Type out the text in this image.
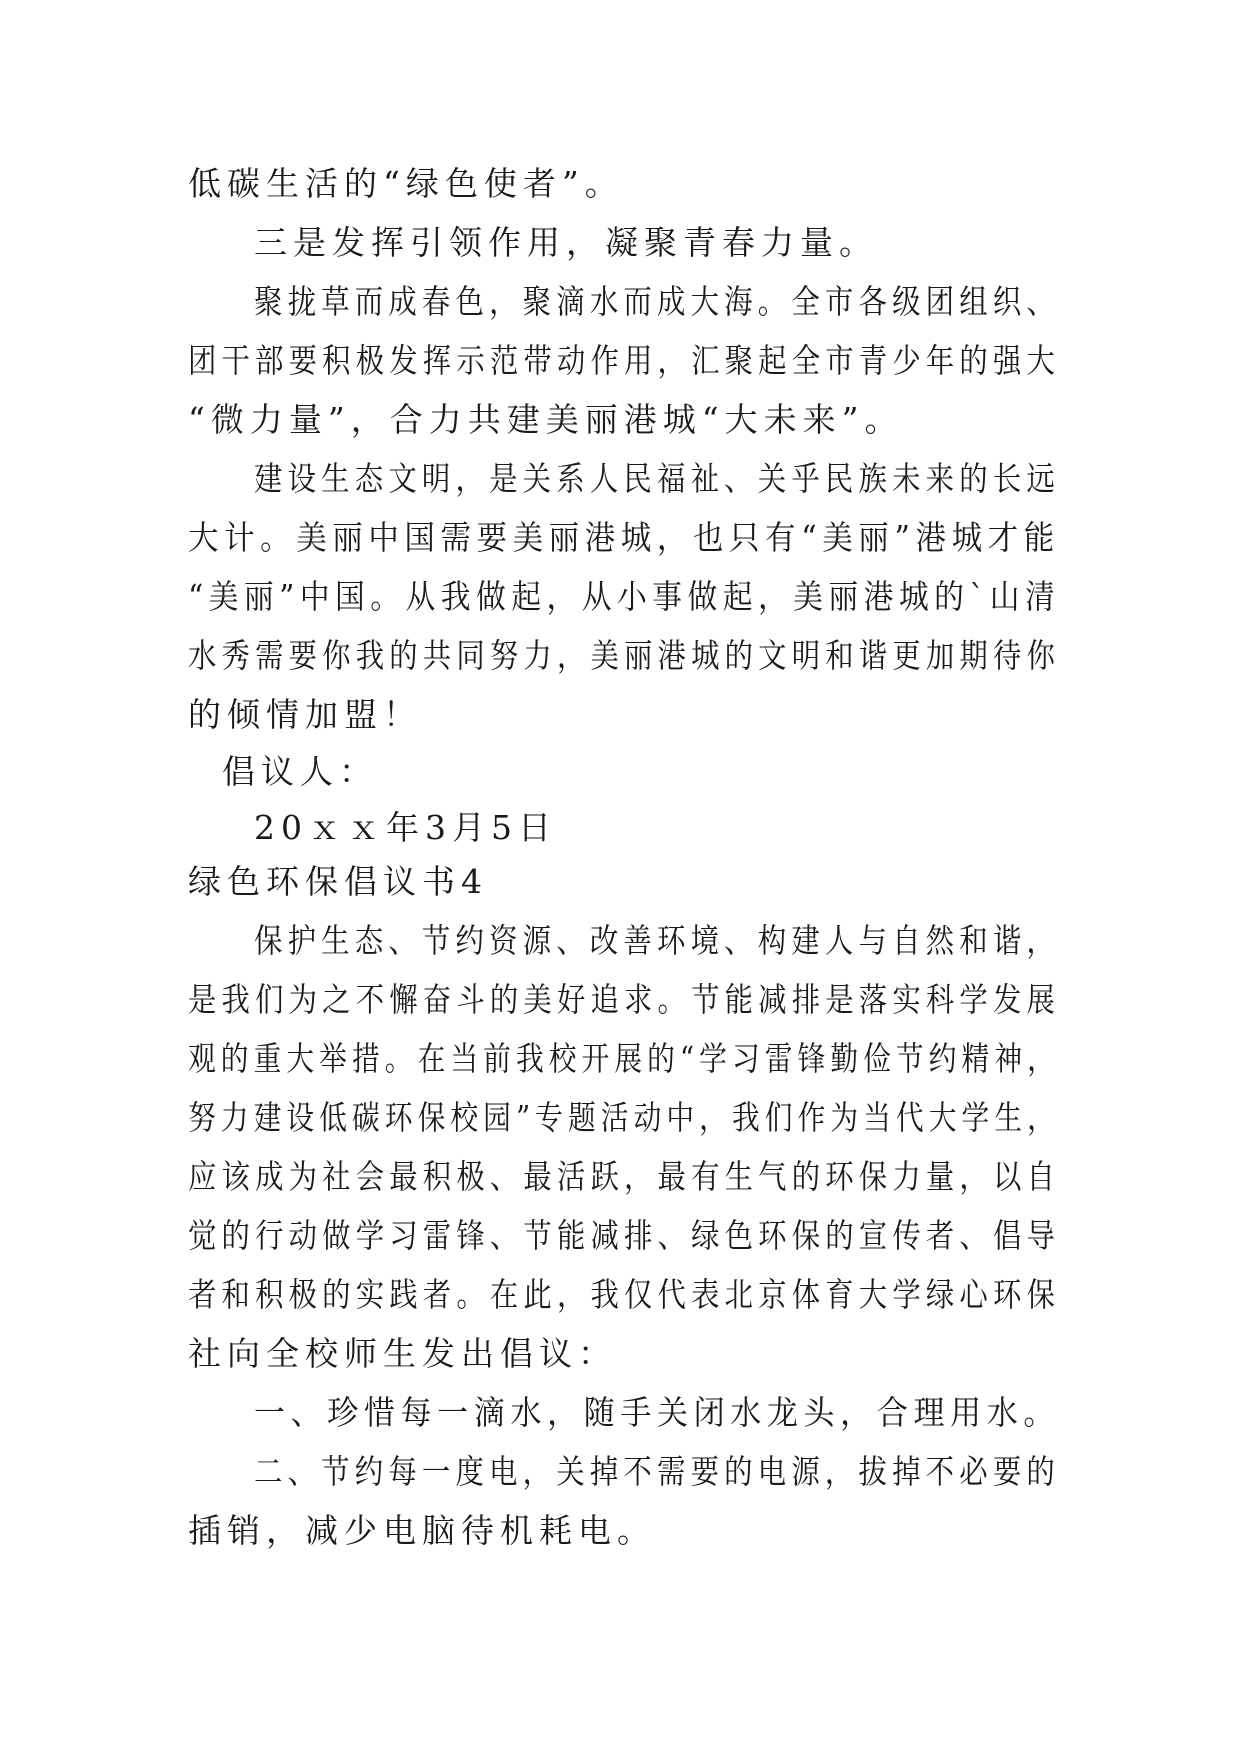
低碳生活的“绿色使者”。
三是发挥引领作用，凝聚青春力量。
聚拢草而成春色，聚滴水而成大海。全市各级团组织、
团干部要积极发挥示范带动作用，汇聚起全市青少年的强大
“微力量”，合力共建美丽港城“大未来”。
建设生态文明，是关系人民福祉、关乎民族未来的长远
大计。美丽中国需要美丽港城，也只有“美丽”港城才能
“美丽”中国。从我做起，从小事做起，美丽港城的`山清
水秀需要你我的共同努力，美丽港城的文明和谐更加期待你
的倾情加盟！
倡议人：
20ｘｘ年3月5日
绿色环保倡议书4
保护生态、节约资源、改善环境、构建人与自然和谐，
是我们为之不懈奋斗的美好追求。节能减排是落实科学发展
观的重大举措。在当前我校开展的“学习雷锋勤俭节约精神，
努力建设低碳环保校园”专题活动中，我们作为当代大学生，
应该成为社会最积极、最活跃，最有生气的环保力量，以自
觉的行动做学习雷锋、节能减排、绿色环保的宣传者、倡导
者和积极的实践者。在此，我仅代表北京体育大学绿心环保
社向全校师生发出倡议：
一、珍惜每一滴水，随手关闭水龙头，合理用水。
二、节约每一度电，关掉不需要的电源，拔掉不必要的
插销，减少电脑待机耗电。
